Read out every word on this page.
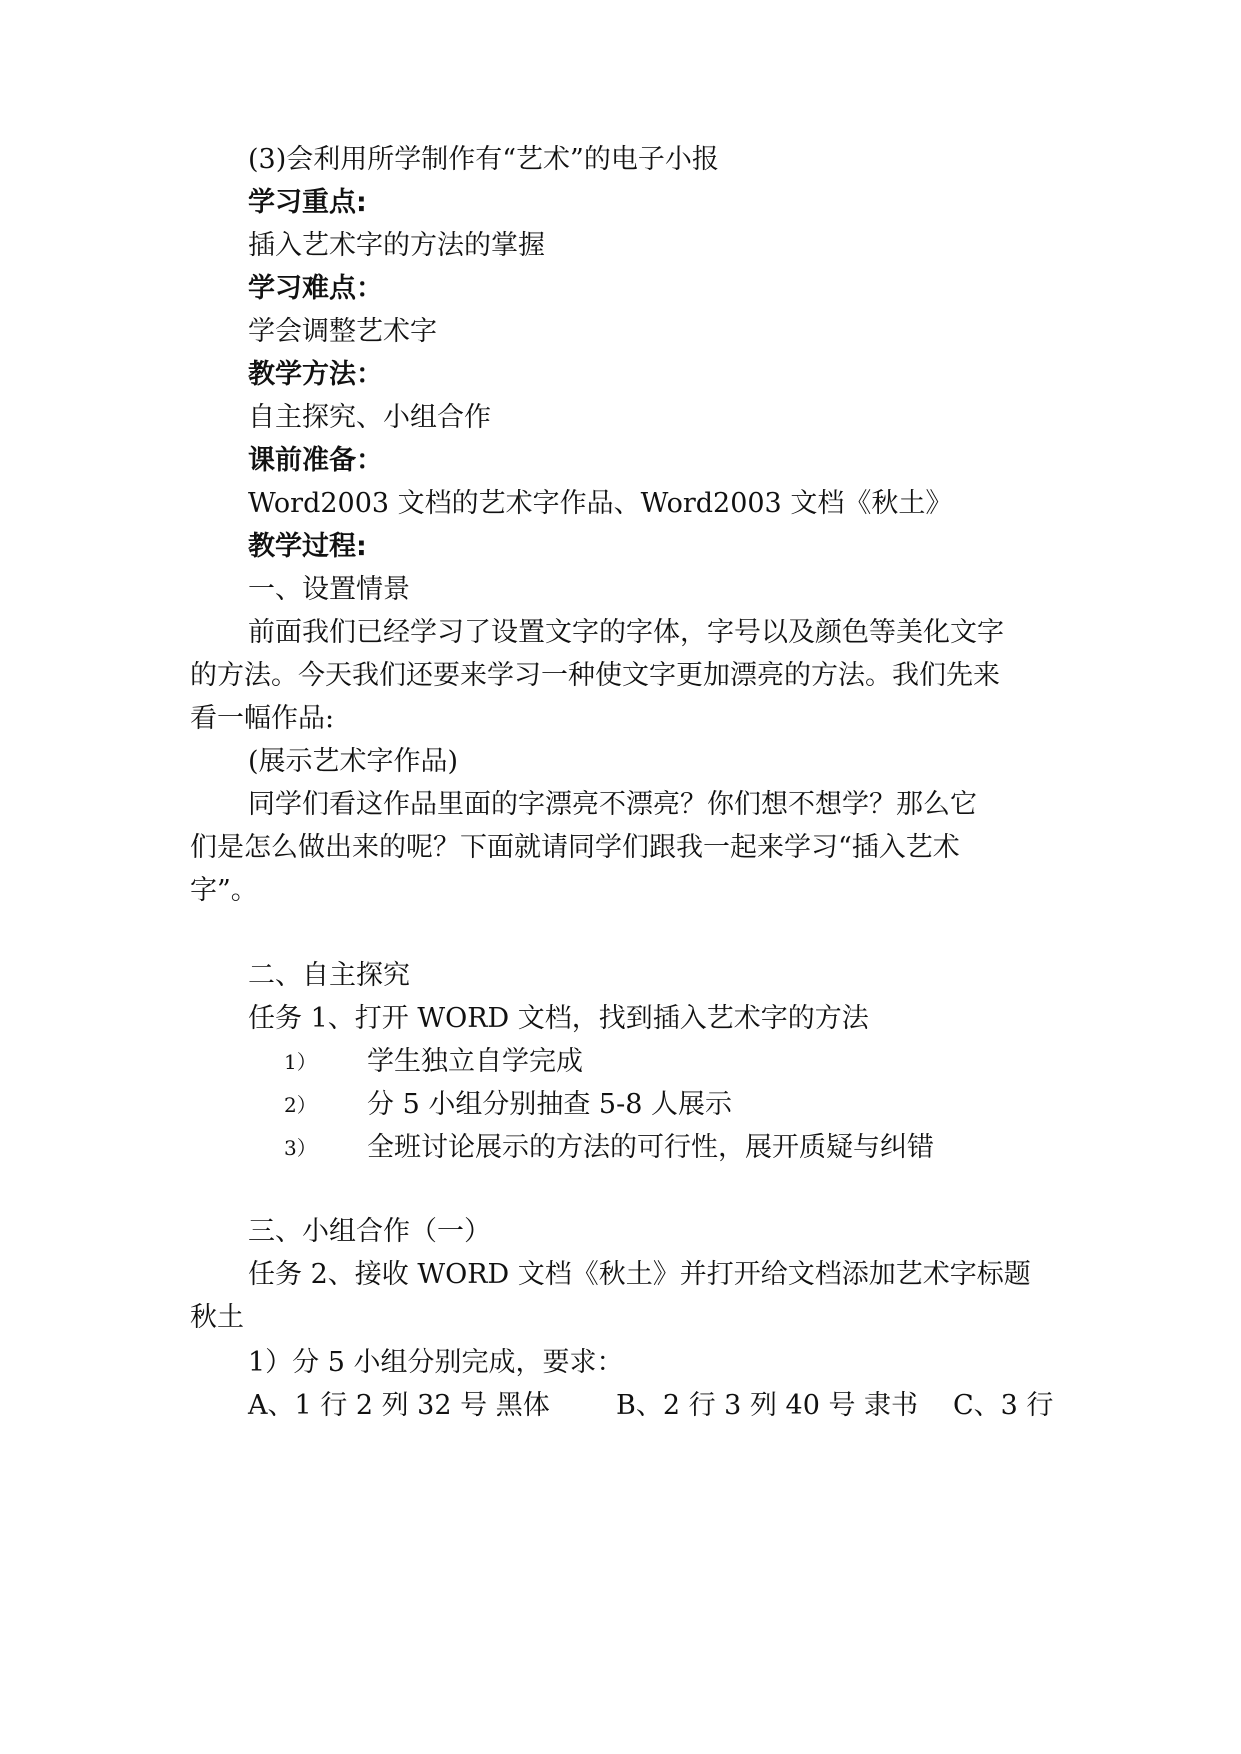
(3)会利用所学制作有“艺术”的电子小报
学习重点:
插入艺术字的方法的掌握
学习难点：
学会调整艺术字
教学方法：
自主探究、小组合作
课前准备：
Word2003 文档的艺术字作品、Word2003 文档《秋土》
教学过程:
一、设置情景
前面我们已经学习了设置文字的字体，字号以及颜色等美化文字
的方法。今天我们还要来学习一种使文字更加漂亮的方法。我们先来
看一幅作品:
(展示艺术字作品)
同学们看这作品里面的字漂亮不漂亮？你们想不想学？那么它
们是怎么做出来的呢？下面就请同学们跟我一起来学习“插入艺术
字”。
二、自主探究
任务 1、打开 WORD 文档，找到插入艺术字的方法
1） 学生独立自学完成
2） 分 5 小组分别抽查 5-8 人展示
3） 全班讨论展示的方法的可行性，展开质疑与纠错
三、小组合作（一）
任务 2、接收 WORD 文档《秋土》并打开给文档添加艺术字标题
秋土
1）分 5 小组分别完成，要求：
A、1 行 2 列 32 号 黑体 B、2 行 3 列 40 号 隶书 C、3 行
